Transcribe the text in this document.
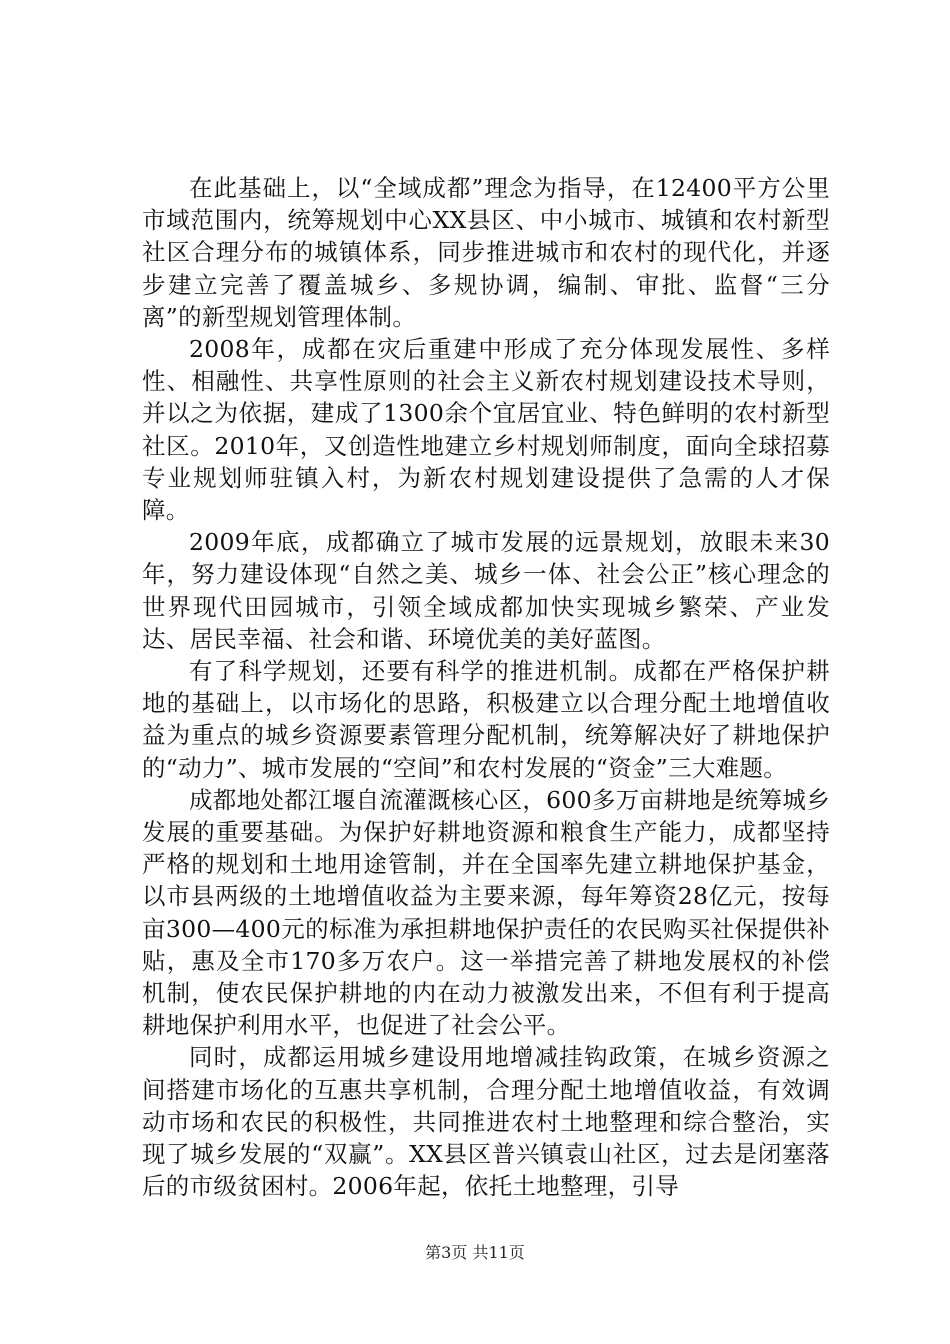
在此基础上，以“全域成都”理念为指导，在12400平方公里市域范围内，统筹规划中心XX县区、中小城市、城镇和农村新型社区合理分布的城镇体系，同步推进城市和农村的现代化，并逐步建立完善了覆盖城乡、多规协调，编制、审批、监督“三分离”的新型规划管理体制。

2008年，成都在灾后重建中形成了充分体现发展性、多样性、相融性、共享性原则的社会主义新农村规划建设技术导则，并以之为依据，建成了1300余个宜居宜业、特色鲜明的农村新型社区。2010年，又创造性地建立乡村规划师制度，面向全球招募专业规划师驻镇入村，为新农村规划建设提供了急需的人才保障。

2009年底，成都确立了城市发展的远景规划，放眼未来30年，努力建设体现“自然之美、城乡一体、社会公正”核心理念的世界现代田园城市，引领全域成都加快实现城乡繁荣、产业发达、居民幸福、社会和谐、环境优美的美好蓝图。

有了科学规划，还要有科学的推进机制。成都在严格保护耕地的基础上，以市场化的思路，积极建立以合理分配土地增值收益为重点的城乡资源要素管理分配机制，统筹解决好了耕地保护的“动力”、城市发展的“空间”和农村发展的“资金”三大难题。

成都地处都江堰自流灌溉核心区，600多万亩耕地是统筹城乡发展的重要基础。为保护好耕地资源和粮食生产能力，成都坚持严格的规划和土地用途管制，并在全国率先建立耕地保护基金，以市县两级的土地增值收益为主要来源，每年筹资28亿元，按每亩300—400元的标准为承担耕地保护责任的农民购买社保提供补贴，惠及全市170多万农户。这一举措完善了耕地发展权的补偿机制，使农民保护耕地的内在动力被激发出来，不但有利于提高耕地保护利用水平，也促进了社会公平。

同时，成都运用城乡建设用地增减挂钩政策，在城乡资源之间搭建市场化的互惠共享机制，合理分配土地增值收益，有效调动市场和农民的积极性，共同推进农村土地整理和综合整治，实现了城乡发展的“双赢”。XX县区普兴镇袁山社区，过去是闭塞落后的市级贫困村。2006年起，依托土地整理，引导

第3页 共11页
